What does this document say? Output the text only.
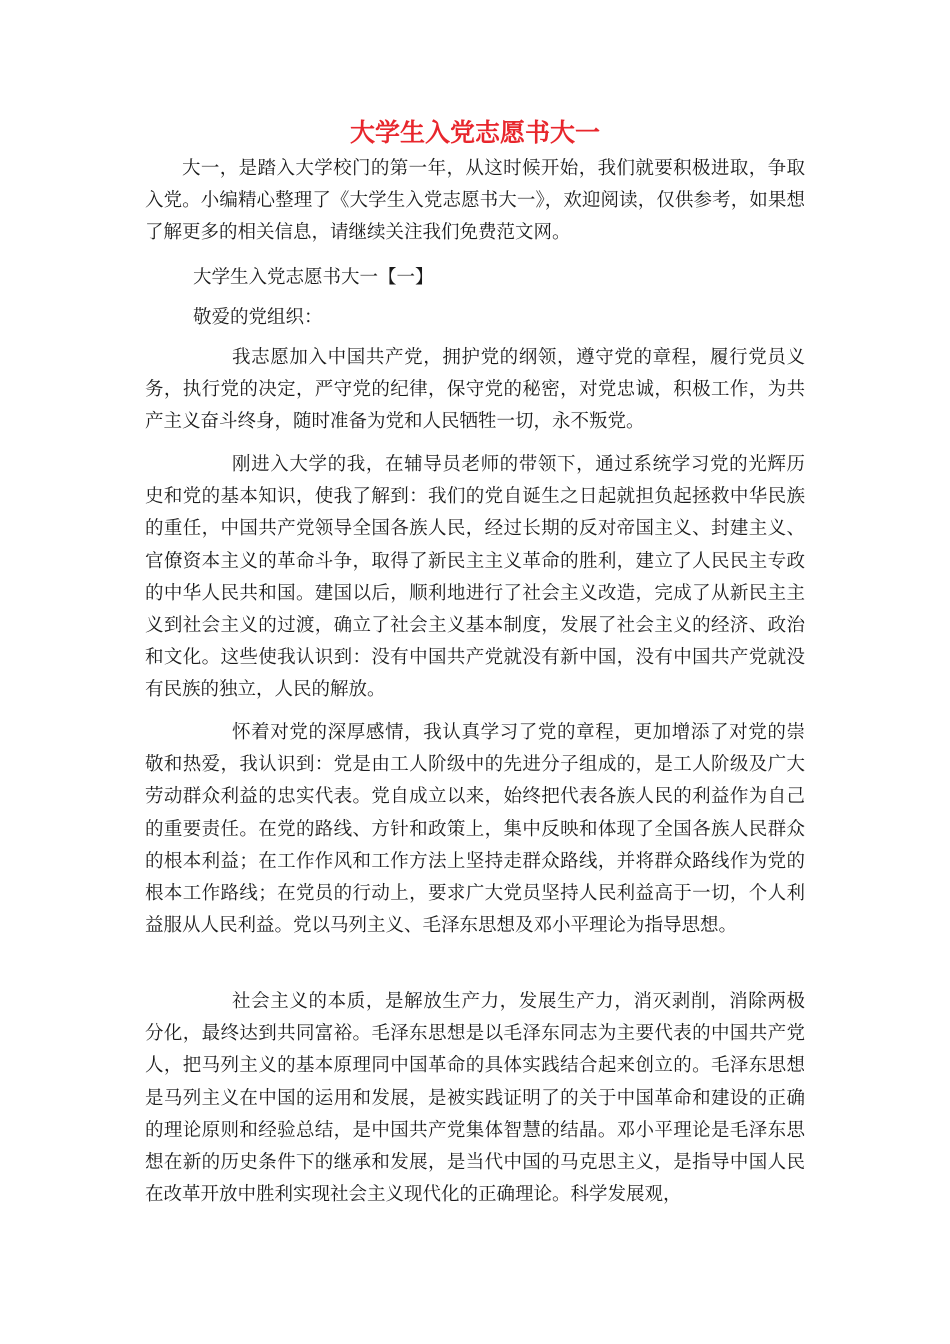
大学生入党志愿书大一

大一，是踏入大学校门的第一年，从这时候开始，我们就要积极进取，争取入党。小编精心整理了《大学生入党志愿书大一》，欢迎阅读，仅供参考，如果想了解更多的相关信息，请继续关注我们免费范文网。

大学生入党志愿书大一【一】

敬爱的党组织：

我志愿加入中国共产党，拥护党的纲领，遵守党的章程，履行党员义务，执行党的决定，严守党的纪律，保守党的秘密，对党忠诚，积极工作，为共产主义奋斗终身，随时准备为党和人民牺牲一切，永不叛党。

刚进入大学的我，在辅导员老师的带领下，通过系统学习党的光辉历史和党的基本知识，使我了解到：我们的党自诞生之日起就担负起拯救中华民族的重任，中国共产党领导全国各族人民，经过长期的反对帝国主义、封建主义、官僚资本主义的革命斗争，取得了新民主主义革命的胜利，建立了人民民主专政的中华人民共和国。建国以后，顺利地进行了社会主义改造，完成了从新民主主义到社会主义的过渡，确立了社会主义基本制度，发展了社会主义的经济、政治和文化。这些使我认识到：没有中国共产党就没有新中国，没有中国共产党就没有民族的独立，人民的解放。

怀着对党的深厚感情，我认真学习了党的章程，更加增添了对党的崇敬和热爱，我认识到：党是由工人阶级中的先进分子组成的，是工人阶级及广大劳动群众利益的忠实代表。党自成立以来，始终把代表各族人民的利益作为自己的重要责任。在党的路线、方针和政策上，集中反映和体现了全国各族人民群众的根本利益；在工作作风和工作方法上坚持走群众路线，并将群众路线作为党的根本工作路线；在党员的行动上，要求广大党员坚持人民利益高于一切，个人利益服从人民利益。党以马列主义、毛泽东思想及邓小平理论为指导思想。

社会主义的本质，是解放生产力，发展生产力，消灭剥削，消除两极分化，最终达到共同富裕。毛泽东思想是以毛泽东同志为主要代表的中国共产党人，把马列主义的基本原理同中国革命的具体实践结合起来创立的。毛泽东思想是马列主义在中国的运用和发展，是被实践证明了的关于中国革命和建设的正确的理论原则和经验总结，是中国共产党集体智慧的结晶。邓小平理论是毛泽东思想在新的历史条件下的继承和发展，是当代中国的马克思主义，是指导中国人民在改革开放中胜利实现社会主义现代化的正确理论。科学发展观，
